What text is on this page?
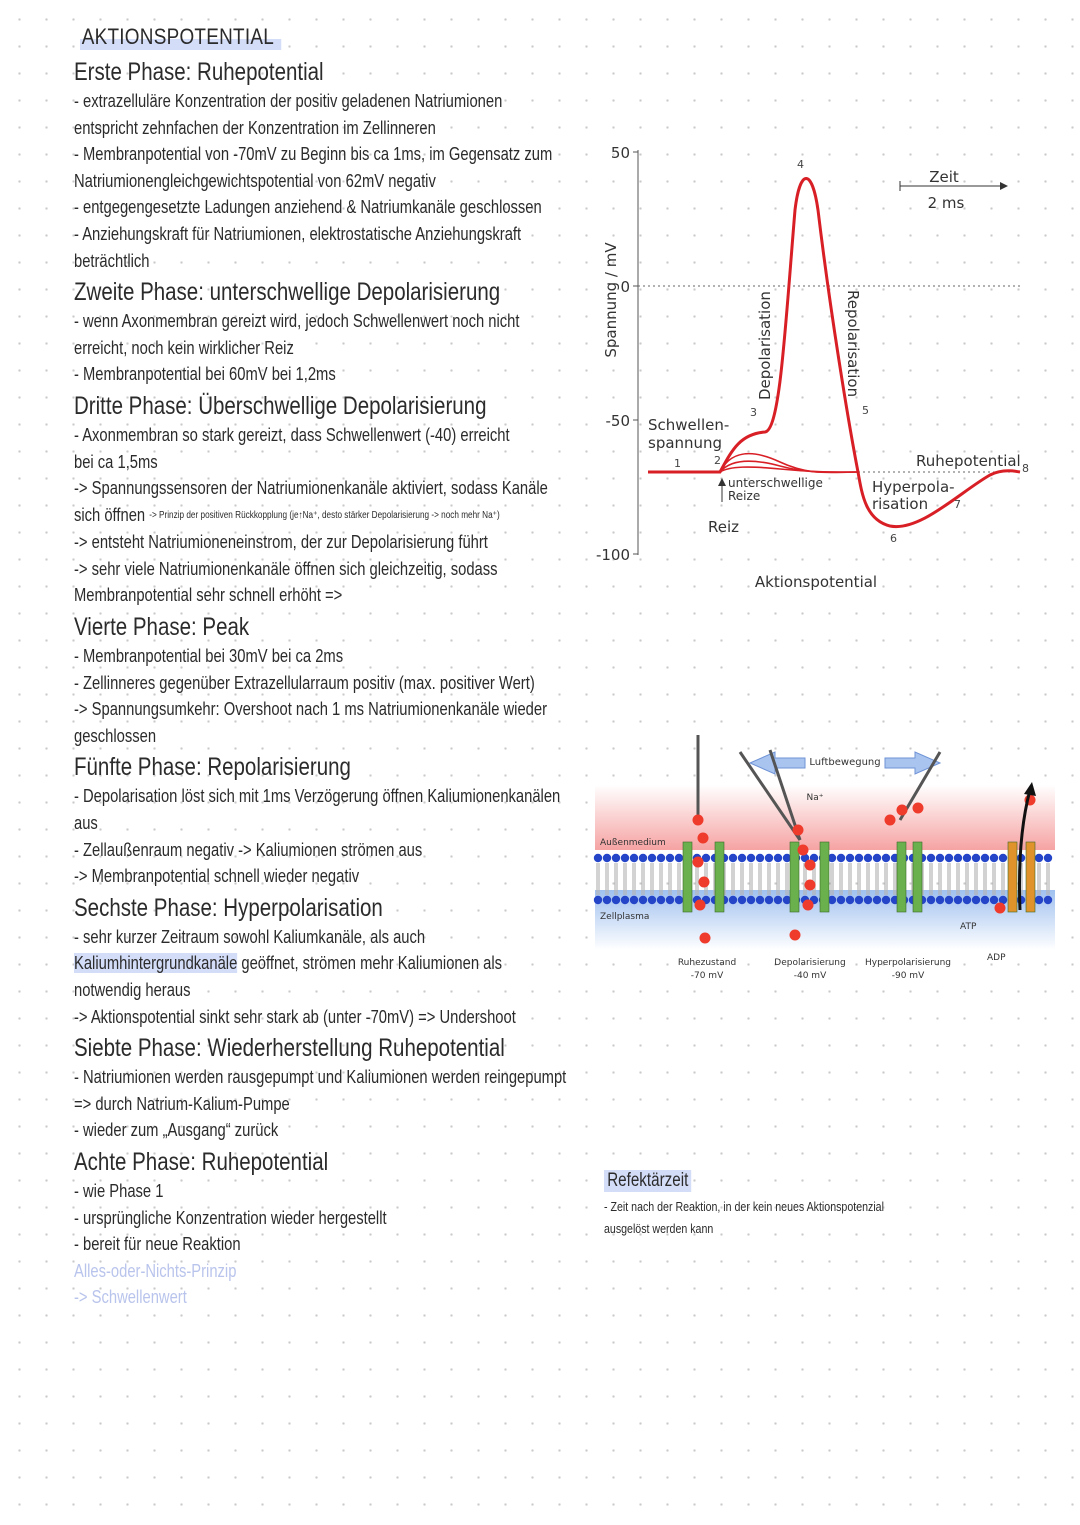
AKTIONSPOTENTIAL
Erste Phase: Ruhepotential
- extrazelluläre Konzentration der positiv geladenen Natriumionen
entspricht zehnfachen der Konzentration im Zellinneren
- Membranpotential von -70mV zu Beginn bis ca 1ms, im Gegensatz zum
Natriumionengleichgewichtspotential von 62mV negativ
- entgegengesetzte Ladungen anziehend & Natriumkanäle geschlossen
- Anziehungskraft für Natriumionen, elektrostatische Anziehungskraft
beträchtlich
Zweite Phase: unterschwellige Depolarisierung
- wenn Axonmembran gereizt wird, jedoch Schwellenwert noch nicht
erreicht, noch kein wirklicher Reiz
- Membranpotential bei 60mV bei 1,2ms
Dritte Phase: Überschwellige Depolarisierung
- Axonmembran so stark gereizt, dass Schwellenwert (-40) erreicht
bei ca 1,5ms
-> Spannungssensoren der Natriumionenkanäle aktiviert, sodass Kanäle
sich öffnen -> Prinzip der positiven Rückkopplung (je↑Na⁺, desto stärker Depolarisierung -> noch mehr Na⁺)
-> entsteht Natriumioneneinstrom, der zur Depolarisierung führt
-> sehr viele Natriumionenkanäle öffnen sich gleichzeitig, sodass
Membranpotential sehr schnell erhöht =>
Vierte Phase: Peak
- Membranpotential bei 30mV bei ca 2ms
- Zellinneres gegenüber Extrazellularraum positiv (max. positiver Wert)
-> Spannungsumkehr: Overshoot nach 1 ms Natriumionenkanäle wieder
geschlossen
Fünfte Phase: Repolarisierung
- Depolarisation löst sich mit 1ms Verzögerung öffnen Kaliumionenkanälen
aus
- Zellaußenraum negativ -> Kaliumionen strömen aus
-> Membranpotential schnell wieder negativ
Sechste Phase: Hyperpolarisation
- sehr kurzer Zeitraum sowohl Kaliumkanäle, als auch
Kaliumhintergrundkanäle geöffnet, strömen mehr Kaliumionen als
notwendig heraus
-> Aktionspotential sinkt sehr stark ab (unter -70mV) => Undershoot
Siebte Phase: Wiederherstellung Ruhepotential
- Natriumionen werden rausgepumpt und Kaliumionen werden reingepumpt
=> durch Natrium-Kalium-Pumpe
- wieder zum „Ausgang“ zurück
Achte Phase: Ruhepotential
- wie Phase 1
- ursprüngliche Konzentration wieder hergestellt
- bereit für neue Reaktion
Alles-oder-Nichts-Prinzip
-> Schwellenwert
50
0
-50
-100
Spannung / mV
Schwellen-
spannung
Depolarisation	Repolarisation
unterschwellige
Reize
Reiz
Ruhepotential
Hyperpola-
risation
Aktionspotential
Zeit
2 ms
1	2
3
4
5
6
7
8
Luftbewegung
Na⁺
Außenmedium
Zellplasma
Ruhezustand
-70 mV
Depolarisierung
-40 mV
Hyperpolarisierung
-90 mV
ATP
ADP
Refektärzeit
- Zeit nach der Reaktion, in der kein neues Aktionspotenzial
ausgelöst werden kann
